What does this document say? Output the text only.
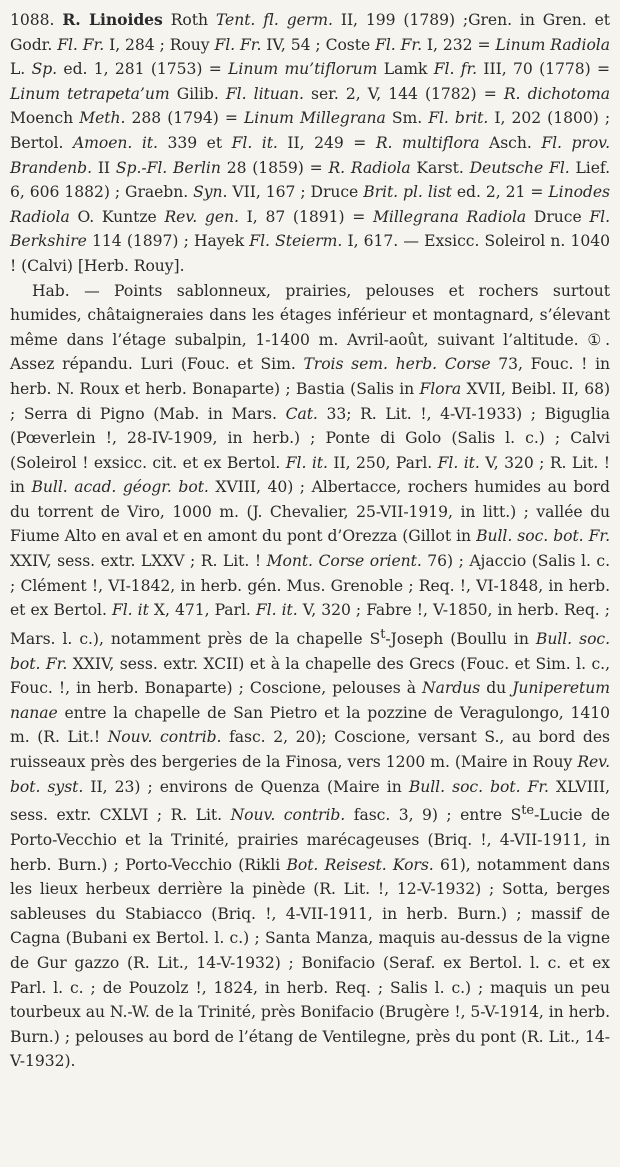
1088. R. Linoides Roth Tent. fl. germ. II, 199 (1789) ;Gren. in Gren. et Godr. Fl. Fr. I, 284 ; Rouy Fl. Fr. IV, 54 ; Coste Fl. Fr. I, 232 = Linum Radiola L. Sp. ed. 1, 281 (1753) = Linum mu’tiflorum Lamk Fl. fr. III, 70 (1778) = Linum tetrapeta’um Gilib. Fl. lituan. ser. 2, V, 144 (1782) = R. dichotoma Moench Meth. 288 (1794) = Linum Millegrana Sm. Fl. brit. I, 202 (1800) ; Bertol. Amoen. it. 339 et Fl. it. II, 249 = R. multiflora Asch. Fl. prov. Brandenb. II Sp.-Fl. Berlin 28 (1859) = R. Radiola Karst. Deutsche Fl. Lief. 6, 606 1882) ; Graebn. Syn. VII, 167 ; Druce Brit. pl. list ed. 2, 21 = Linodes Radiola O. Kuntze Rev. gen. I, 87 (1891) = Millegrana Radiola Druce Fl. Berkshire 114 (1897) ; Hayek Fl. Steierm. I, 617. — Exsicc. Soleirol n. 1040 ! (Calvi) [Herb. Rouy].

Hab. — Points sablonneux, prairies, pelouses et rochers surtout humides, châtaigneraies dans les étages inférieur et montagnard, s’élevant même dans l’étage subalpin, 1-1400 m. Avril-août, suivant l’altitude. ①. Assez répandu. Luri (Fouc. et Sim. Trois sem. herb. Corse 73, Fouc. ! in herb. N. Roux et herb. Bonaparte) ; Bastia (Salis in Flora XVII, Beibl. II, 68) ; Serra di Pigno (Mab. in Mars. Cat. 33; R. Lit. !, 4-VI-1933) ; Biguglia (Pœverlein !, 28-IV-1909, in herb.) ; Ponte di Golo (Salis l. c.) ; Calvi (Soleirol ! exsicc. cit. et ex Bertol. Fl. it. II, 250, Parl. Fl. it. V, 320 ; R. Lit. ! in Bull. acad. géogr. bot. XVIII, 40) ; Albertacce, rochers humides au bord du torrent de Viro, 1000 m. (J. Chevalier, 25-VII-1919, in litt.) ; vallée du Fiume Alto en aval et en amont du pont d’Orezza (Gillot in Bull. soc. bot. Fr. XXIV, sess. extr. LXXV ; R. Lit. ! Mont. Corse orient. 76) ; Ajaccio (Salis l. c. ; Clément !, VI-1842, in herb. gén. Mus. Grenoble ; Req. !, VI-1848, in herb. et ex Bertol. Fl. it X, 471, Parl. Fl. it. V, 320 ; Fabre !, V-1850, in herb. Req. ; Mars. l. c.), notamment près de la chapelle $S^t$-Joseph (Boullu in Bull. soc. bot. Fr. XXIV, sess. extr. XCII) et à la chapelle des Grecs (Fouc. et Sim. l. c., Fouc. !, in herb. Bonaparte) ; Coscione, pelouses à Nardus du Juniperetum nanae entre la chapelle de San Pietro et la pozzine de Veragulongo, 1410 m. (R. Lit.! Nouv. contrib. fasc. 2, 20); Coscione, versant S., au bord des ruisseaux près des bergeries de la Finosa, vers 1200 m. (Maire in Rouy Rev. bot. syst. II, 23) ; environs de Quenza (Maire in Bull. soc. bot. Fr. XLVIII, sess. extr. CXLVI ; R. Lit. Nouv. contrib. fasc. 3, 9) ; entre $S^{te}$-Lucie de Porto-Vecchio et la Trinité, prairies marécageuses (Briq. !, 4-VII-1911, in herb. Burn.) ; Porto-Vecchio (Rikli Bot. Reisest. Kors. 61), notamment dans les lieux herbeux derrière la pinède (R. Lit. !, 12-V-1932) ; Sotta, berges sableuses du Stabiacco (Briq. !, 4-VII-1911, in herb. Burn.) ; massif de Cagna (Bubani ex Bertol. l. c.) ; Santa Manza, maquis au-dessus de la vigne de Gur gazzo (R. Lit., 14-V-1932) ; Bonifacio (Seraf. ex Bertol. l. c. et ex Parl. l. c. ; de Pouzolz !, 1824, in herb. Req. ; Salis l. c.) ; maquis un peu tourbeux au N.-W. de la Trinité, près Bonifacio (Brugère !, 5-V-1914, in herb. Burn.) ; pelouses au bord de l’étang de Ventilegne, près du pont (R. Lit., 14-V-1932).
